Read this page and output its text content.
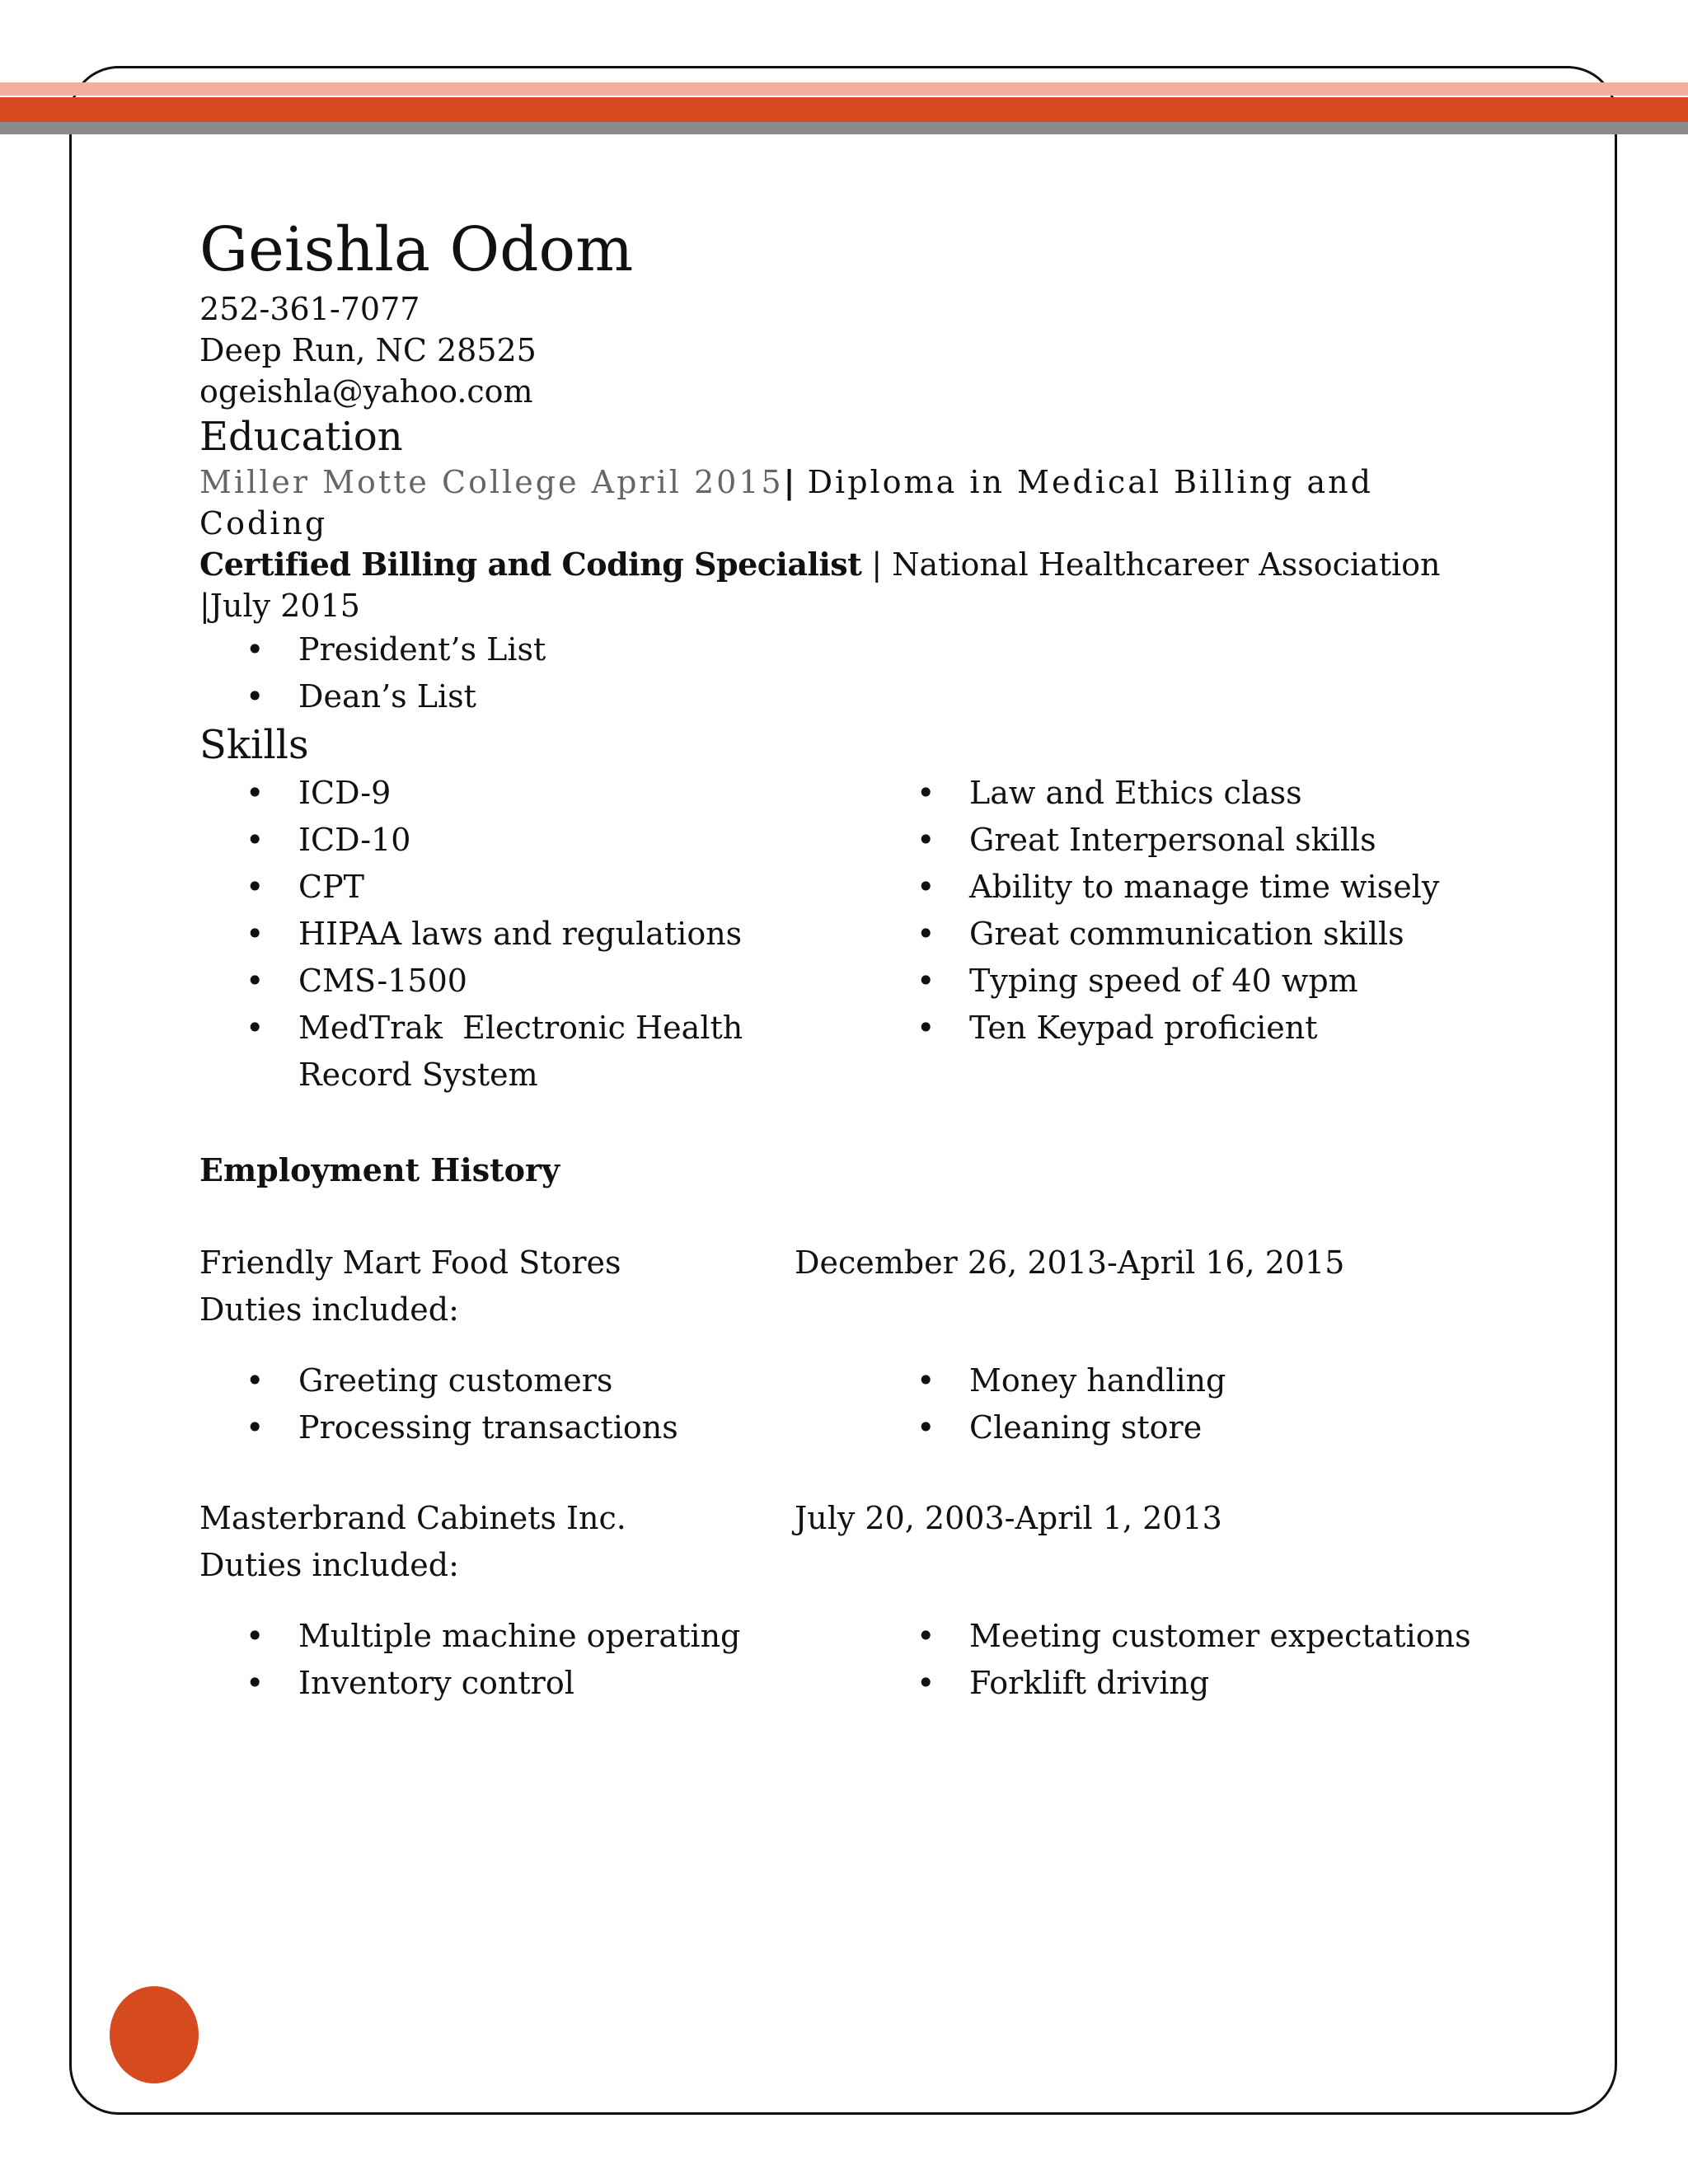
Geishla Odom
252-361-7077
Deep Run, NC 28525
ogeishla@yahoo.com
Education
Miller Motte College April 2015| Diploma in Medical Billing and Coding
Certified Billing and Coding Specialist | National Healthcareer Association |July 2015
• President’s List
• Dean’s List
Skills
• ICD-9
• ICD-10
• CPT
• HIPAA laws and regulations
• CMS-1500
• MedTrak  Electronic Health Record System
• Law and Ethics class
• Great Interpersonal skills
• Ability to manage time wisely
• Great communication skills
• Typing speed of 40 wpm
• Ten Keypad proficient
Employment History
Friendly Mart Food Stores	December 26, 2013-April 16, 2015
Duties included:
• Greeting customers
• Processing transactions
• Money handling
• Cleaning store
Masterbrand Cabinets Inc.	July 20, 2003-April 1, 2013
Duties included:
• Multiple machine operating
• Inventory control
• Meeting customer expectations
• Forklift driving
